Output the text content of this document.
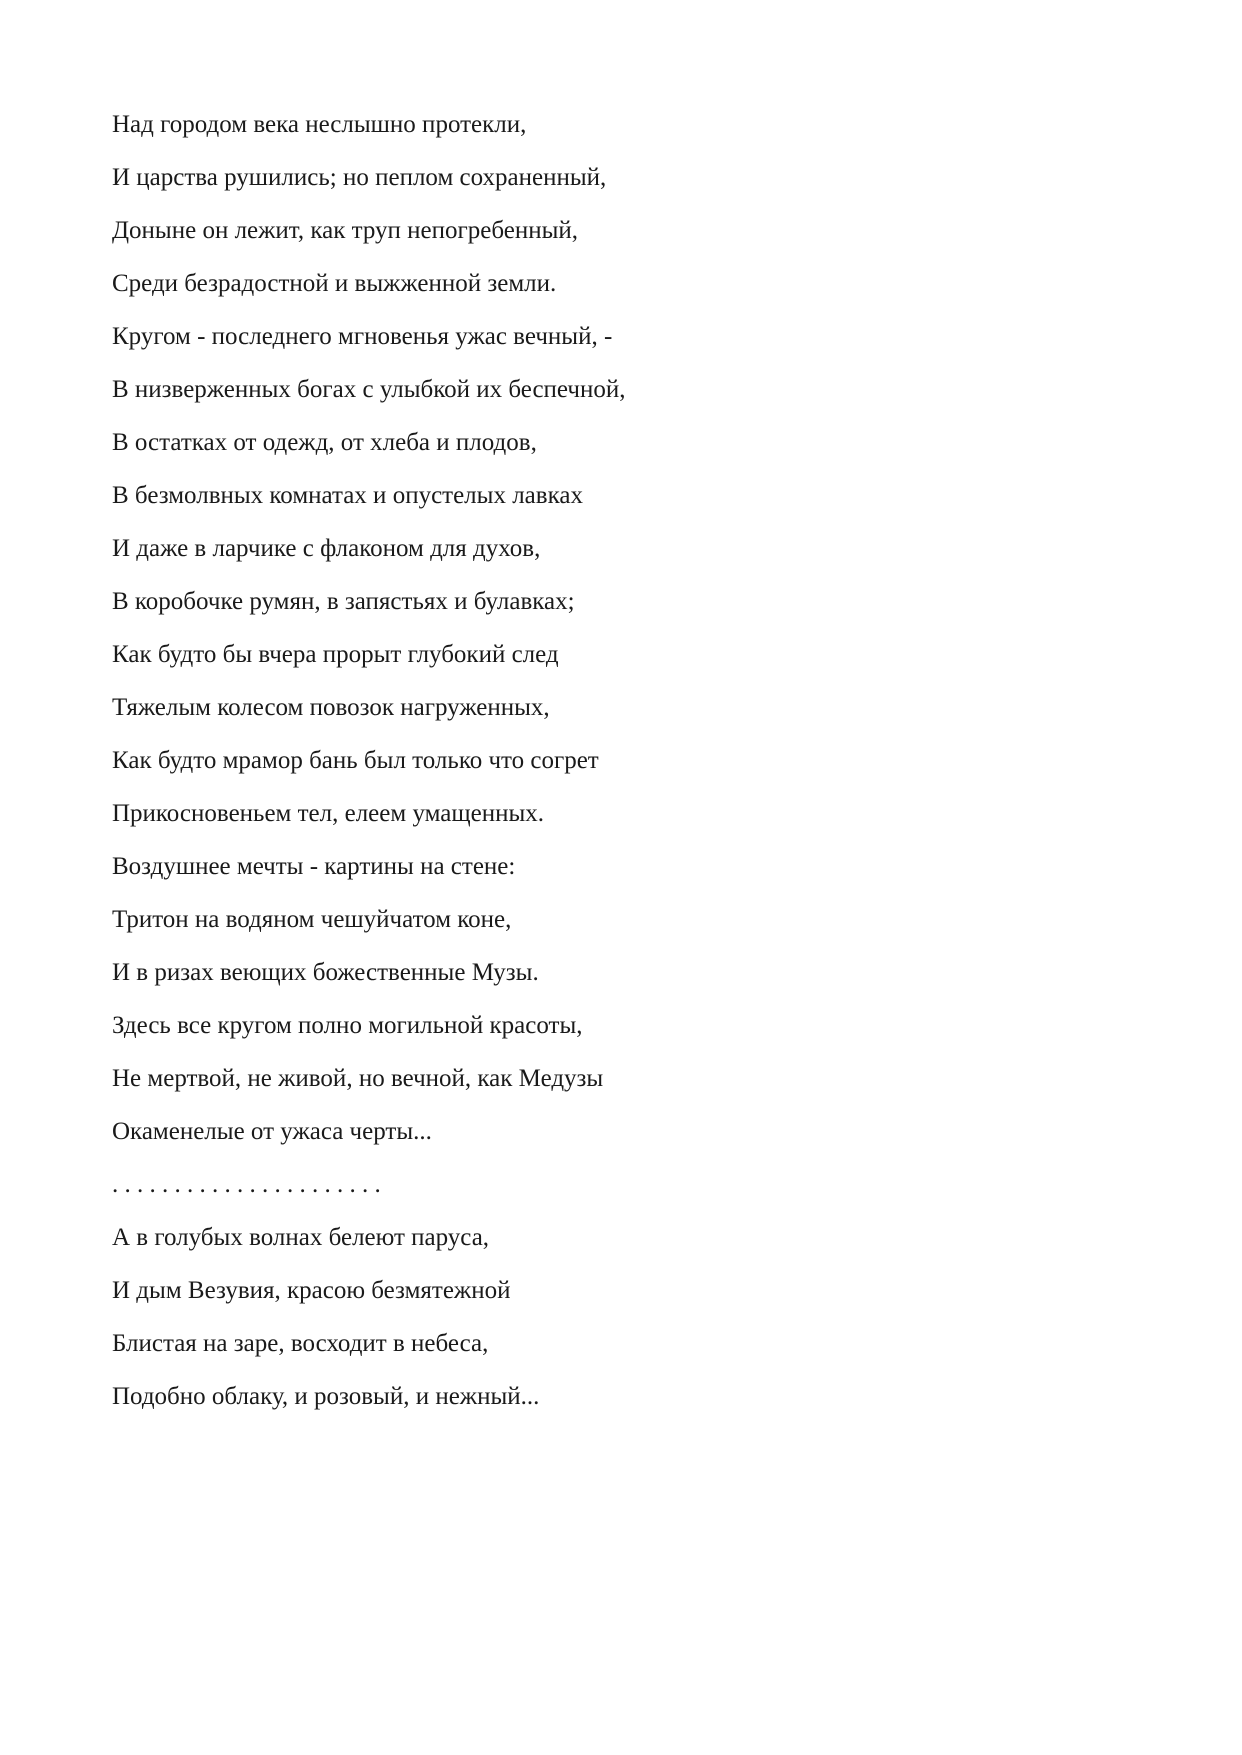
Над городом века неслышно протекли,
И царства рушились; но пеплом сохраненный,
Доныне он лежит, как труп непогребенный,
Среди безрадостной и выжженной земли.
Кругом - последнего мгновенья ужас вечный, -
В низверженных богах с улыбкой их беспечной,
В остатках от одежд, от хлеба и плодов,
В безмолвных комнатах и опустелых лавках
И даже в ларчике с флаконом для духов,
В коробочке румян, в запястьях и булавках;
Как будто бы вчера прорыт глубокий след
Тяжелым колесом повозок нагруженных,
Как будто мрамор бань был только что согрет
Прикосновеньем тел, елеем умащенных.
Воздушнее мечты - картины на стене:
Тритон на водяном чешуйчатом коне,
И в ризах веющих божественные Музы.
Здесь все кругом полно могильной красоты,
Не мертвой, не живой, но вечной, как Медузы
Окаменелые от ужаса черты...
. . . . . . . . . . . . . . . . . . . . . .
А в голубых волнах белеют паруса,
И дым Везувия, красою безмятежной
Блистая на заре, восходит в небеса,
Подобно облаку, и розовый, и нежный...
